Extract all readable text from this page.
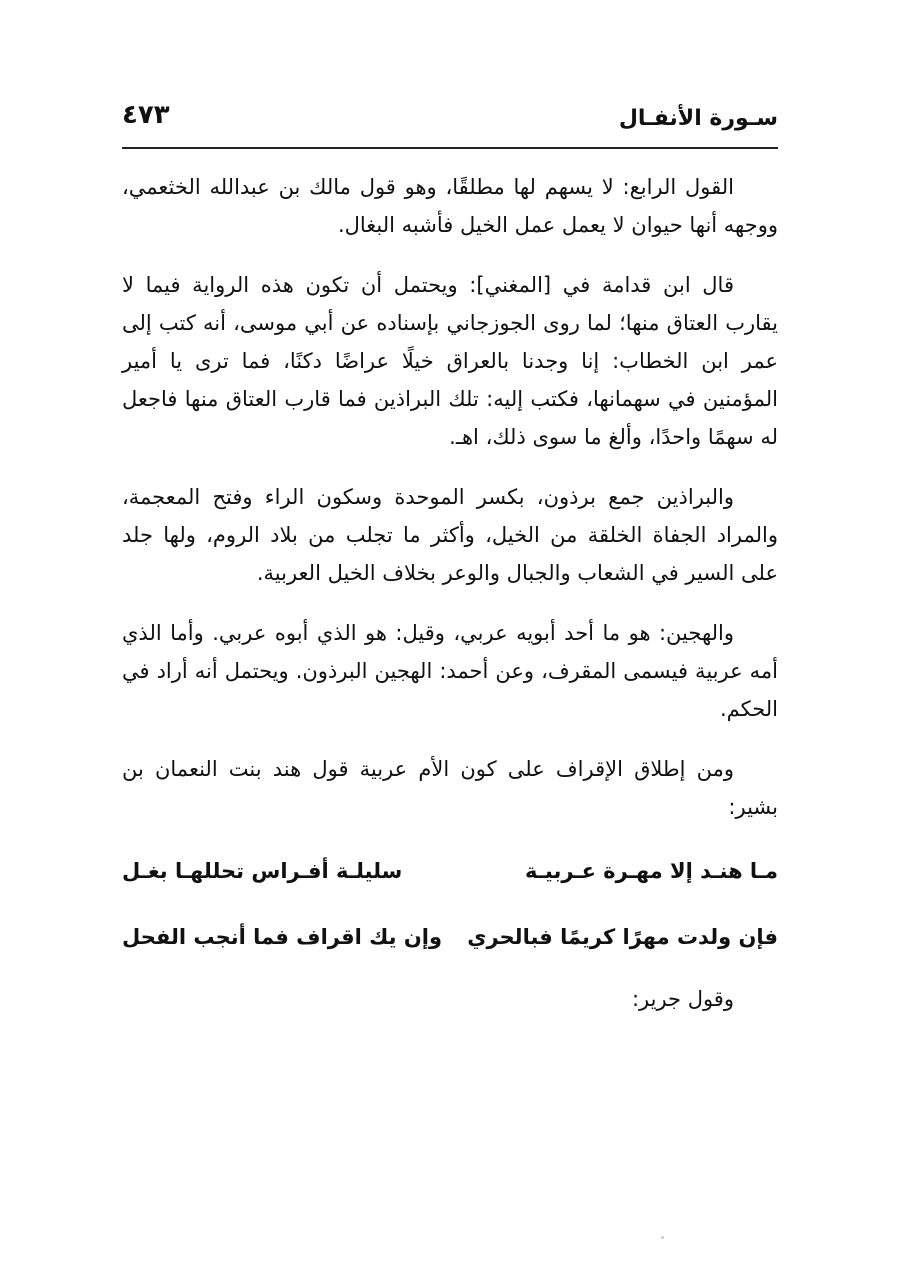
سـورة الأنفـال
٤٧٣

القول الرابع: لا يسهم لها مطلقًا، وهو قول مالك بن عبدالله الخثعمي، ووجهه أنها حيوان لا يعمل عمل الخيل فأشبه البغال.

قال ابن قدامة في [المغني]: ويحتمل أن تكون هذه الرواية فيما لا يقارب العتاق منها؛ لما روى الجوزجاني بإسناده عن أبي موسى، أنه كتب إلى عمر ابن الخطاب: إنا وجدنا بالعراق خيلًا عراضًا دكنًا، فما ترى يا أمير المؤمنين في سهمانها، فكتب إليه: تلك البراذين فما قارب العتاق منها فاجعل له سهمًا واحدًا، وألغ ما سوى ذلك، اهـ.

والبراذين جمع برذون، بكسر الموحدة وسكون الراء وفتح المعجمة، والمراد الجفاة الخلقة من الخيل، وأكثر ما تجلب من بلاد الروم، ولها جلد على السير في الشعاب والجبال والوعر بخلاف الخيل العربية.

والهجين: هو ما أحد أبويه عربي، وقيل: هو الذي أبوه عربي. وأما الذي أمه عربية فيسمى المقرف، وعن أحمد: الهجين البرذون. ويحتمل أنه أراد في الحكم.

ومن إطلاق الإقراف على كون الأم عربية قول هند بنت النعمان بن بشير:

مـا هنـد إلا مهـرة عـربيـة
سليلـة أفـراس تحللهـا بغـل
فإن ولدت مهرًا كريمًا فبالحري
وإن يك اقراف فما أنجب الفحل

وقول جرير:
